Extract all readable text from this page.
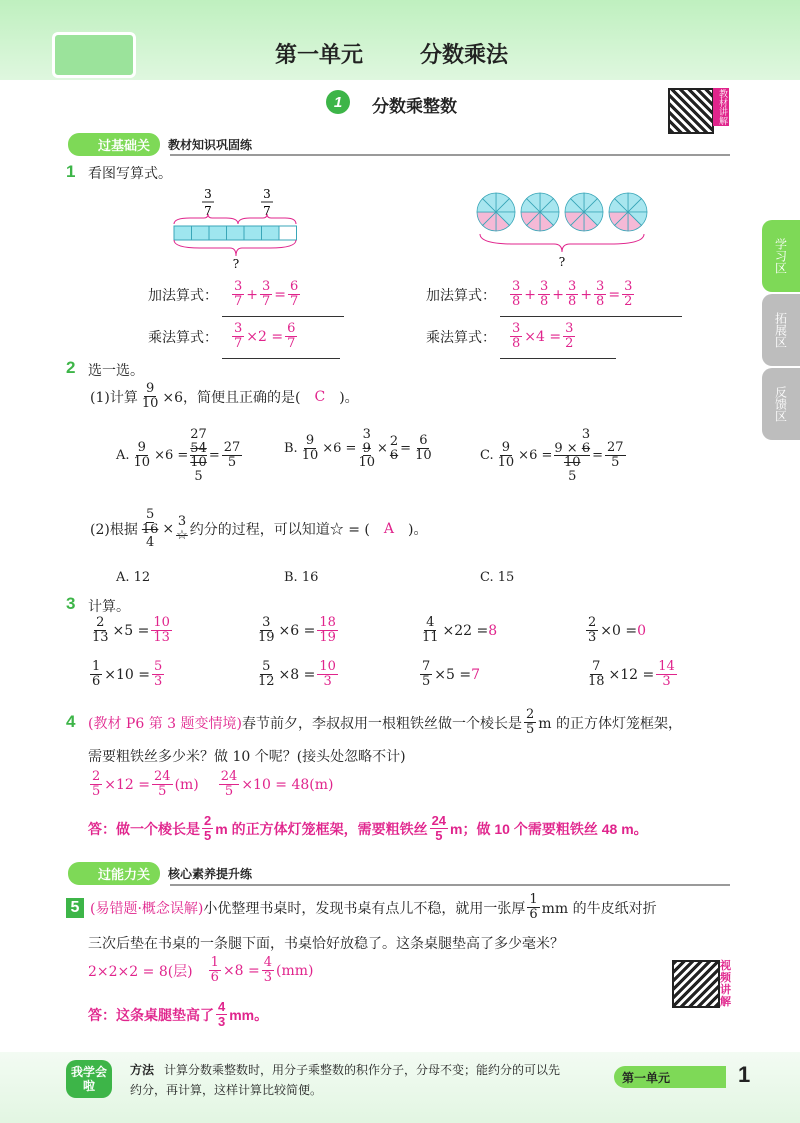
第一单元	分数乘法
1 分数乘整数	教材讲解
过基础关	教材知识巩固练
学习区
拓展区
反馈区
1 看图写算式。
3
7
3
7
?	?
加法算式： $\frac{3}{7} + \frac{3}{7} = \frac{6}{7}$
乘法算式： $\frac{3}{7} \times 2 = \frac{6}{7}$
加法算式： $\frac{3}{8} + \frac{3}{8} + \frac{3}{8} + \frac{3}{8} = \frac{3}{2}$
乘法算式： $\frac{3}{8} \times 4 = \frac{3}{2}$
2 选一选。
(1)计算 $\frac{9}{10} \times 6$，简便且正确的是( C )。
A. $\frac{9}{10} \times 6$ =
27
54
10
5
= $\frac{27}{5}$	B. $\frac{9}{10} \times 6$ =
3
9
10
× 2
$6 = \frac{6}{10}$	C. $\frac{9}{10} \times 6$ =
3
9 × 6
10
5
= $\frac{27}{5}$
(2)根据
5
16
4
× 3
☆ 约分的过程，可以知道☆ = ( A )。
A. 12	B. 16	C. 15
3 计算。
$\frac{2}{13} \times 5 = \frac{10}{13}$	$\frac{3}{19} \times 6 = \frac{18}{19}$	$\frac{4}{11} \times 22 = 8$	$\frac{2}{3} \times 0 = 0$
$\frac{1}{6} \times 10 = \frac{5}{3}$	$\frac{5}{12} \times 8 = \frac{10}{3}$	$\frac{7}{5} \times 5 = 7$	$\frac{7}{18} \times 12 = \frac{14}{3}$
4 (教材 P6 第 3 题变情境) 春节前夕，李叔叔用一根粗铁丝做一个棱长是 $\frac{2}{5}$ m 的正方体灯笼框架，
需要粗铁丝多少米？做 10 个呢？(接头处忽略不计)
$\frac{2}{5} \times 12 = \frac{24}{5} (m) \frac{24}{5} \times 10 = 48(m)$
答：做一个棱长是 $\frac{2}{5}$ m 的正方体灯笼框架，需要粗铁丝 $\frac{24}{5}$ m；做 10 个需要粗铁丝 48 m。
过能力关	核心素养提升练
5 (易错题·概念误解) 小优整理书桌时，发现书桌有点儿不稳，就用一张厚 $\frac{1}{6}$ mm 的牛皮纸对折
三次后垫在书桌的一条腿下面，书桌恰好放稳了。这条桌腿垫高了多少毫米？
2×2×2 = 8(层) $\frac{1}{6} \times 8 = \frac{4}{3} (mm)$
答：这条桌腿垫高了 $\frac{4}{3}$ mm。
视频讲解
我学会啦
方法 计算分数乘整数时，用分子乘整数的积作分子，分母不变；能约分的可以先
约分，再计算，这样计算比较简便。
第一单元	1
